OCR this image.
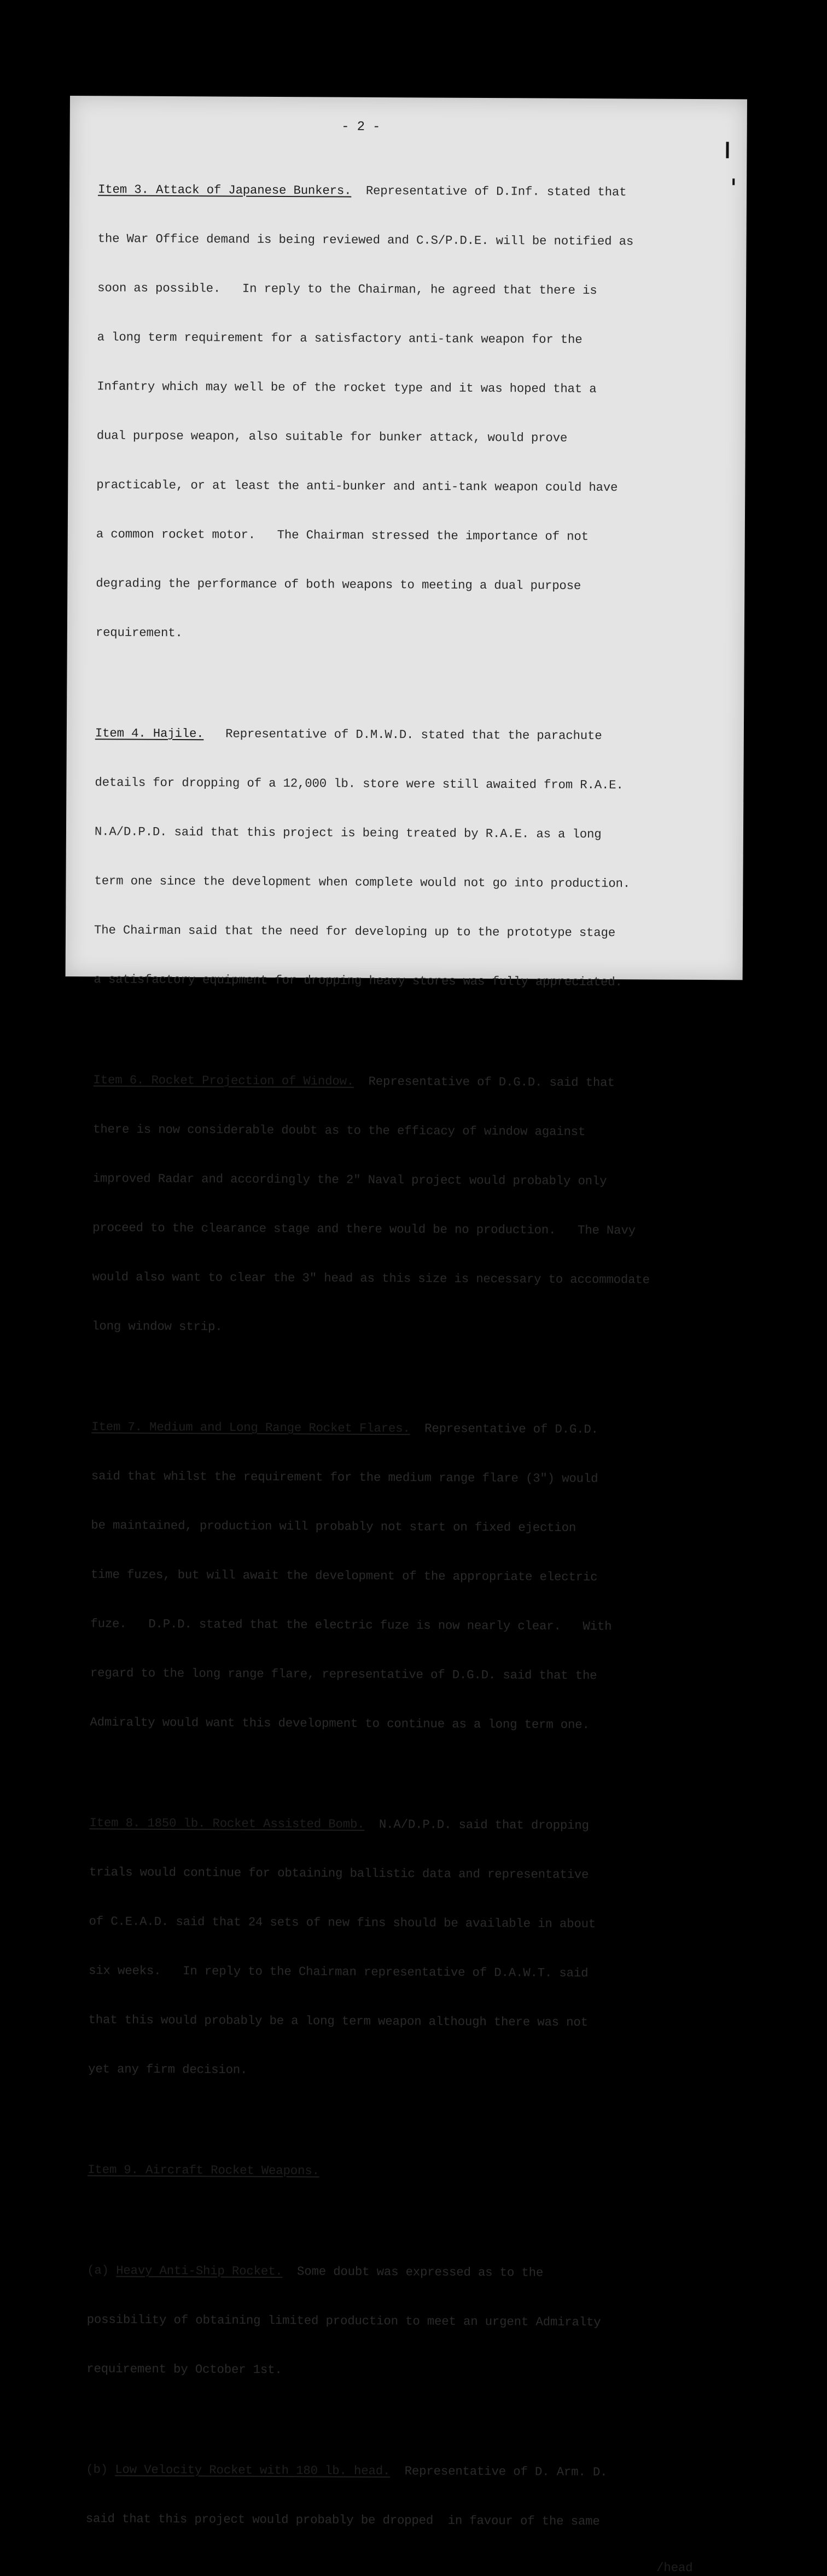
- 2 -

Item 3. Attack of Japanese Bunkers.  Representative of D.Inf. stated that

the War Office demand is being reviewed and C.S/P.D.E. will be notified as

soon as possible.   In reply to the Chairman, he agreed that there is

a long term requirement for a satisfactory anti-tank weapon for the

Infantry which may well be of the rocket type and it was hoped that a

dual purpose weapon, also suitable for bunker attack, would prove

practicable, or at least the anti-bunker and anti-tank weapon could have

a common rocket motor.   The Chairman stressed the importance of not

degrading the performance of both weapons to meeting a dual purpose

requirement.

Item 4. Hajile.   Representative of D.M.W.D. stated that the parachute

details for dropping of a 12,000 lb. store were still awaited from R.A.E.

N.A/D.P.D. said that this project is being treated by R.A.E. as a long

term one since the development when complete would not go into production.

The Chairman said that the need for developing up to the prototype stage

a satisfactory equipment for dropping heavy stores was fully appreciated.

Item 6. Rocket Projection of Window.  Representative of D.G.D. said that

there is now considerable doubt as to the efficacy of window against

improved Radar and accordingly the 2" Naval project would probably only

proceed to the clearance stage and there would be no production.   The Navy

would also want to clear the 3" head as this size is necessary to accommodate

long window strip.

Item 7. Medium and Long Range Rocket Flares.  Representative of D.G.D.

said that whilst the requirement for the medium range flare (3") would

be maintained, production will probably not start on fixed ejection

time fuzes, but will await the development of the appropriate electric

fuze.   D.P.D. stated that the electric fuze is now nearly clear.   With

regard to the long range flare, representative of D.G.D. said that the

Admiralty would want this development to continue as a long term one.

Item 8. 1850 lb. Rocket Assisted Bomb.  N.A/D.P.D. said that dropping

trials would continue for obtaining ballistic data and representative

of C.E.A.D. said that 24 sets of new fins should be available in about

six weeks.   In reply to the Chairman representative of D.A.W.T. said

that this would probably be a long term weapon although there was not

yet any firm decision.

Item 9. Aircraft Rocket Weapons.

(a) Heavy Anti-Ship Rocket.  Some doubt was expressed as to the

possibility of obtaining limited production to meet an urgent Admiralty

requirement by October 1st.

(b) Low Velocity Rocket with 180 lb. head.  Representative of D. Arm. D.

said that this project would probably be dropped  in favour of the same

/head
